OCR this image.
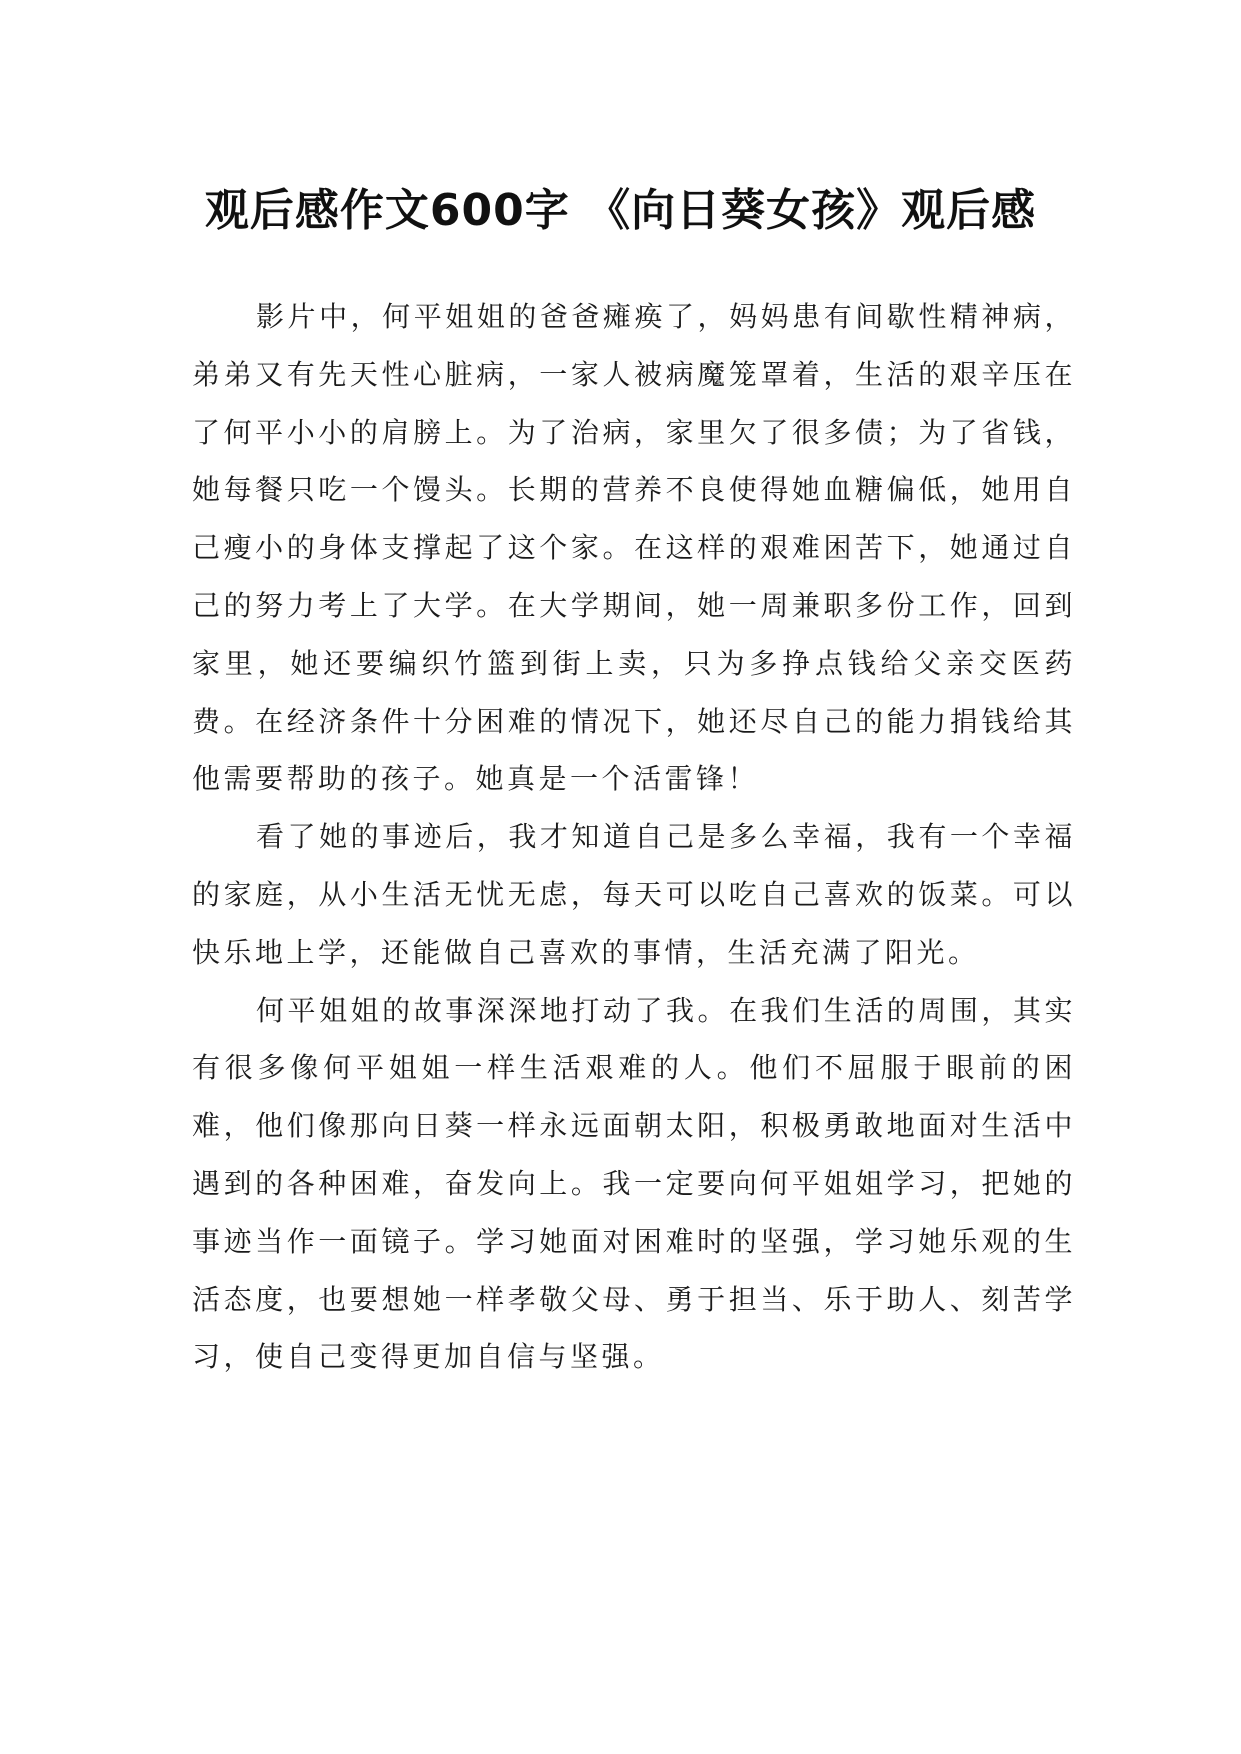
观后感作文600字 《向日葵女孩》观后感

影片中，何平姐姐的爸爸瘫痪了，妈妈患有间歇性精神病，弟弟又有先天性心脏病，一家人被病魔笼罩着，生活的艰辛压在了何平小小的肩膀上。为了治病，家里欠了很多债；为了省钱，她每餐只吃一个馒头。长期的营养不良使得她血糖偏低，她用自己瘦小的身体支撑起了这个家。在这样的艰难困苦下，她通过自己的努力考上了大学。在大学期间，她一周兼职多份工作，回到家里，她还要编织竹篮到街上卖，只为多挣点钱给父亲交医药费。在经济条件十分困难的情况下，她还尽自己的能力捐钱给其他需要帮助的孩子。她真是一个活雷锋！

看了她的事迹后，我才知道自己是多么幸福，我有一个幸福的家庭，从小生活无忧无虑，每天可以吃自己喜欢的饭菜。可以快乐地上学，还能做自己喜欢的事情，生活充满了阳光。

何平姐姐的故事深深地打动了我。在我们生活的周围，其实有很多像何平姐姐一样生活艰难的人。他们不屈服于眼前的困难，他们像那向日葵一样永远面朝太阳，积极勇敢地面对生活中遇到的各种困难，奋发向上。我一定要向何平姐姐学习，把她的事迹当作一面镜子。学习她面对困难时的坚强，学习她乐观的生活态度，也要想她一样孝敬父母、勇于担当、乐于助人、刻苦学习，使自己变得更加自信与坚强。
